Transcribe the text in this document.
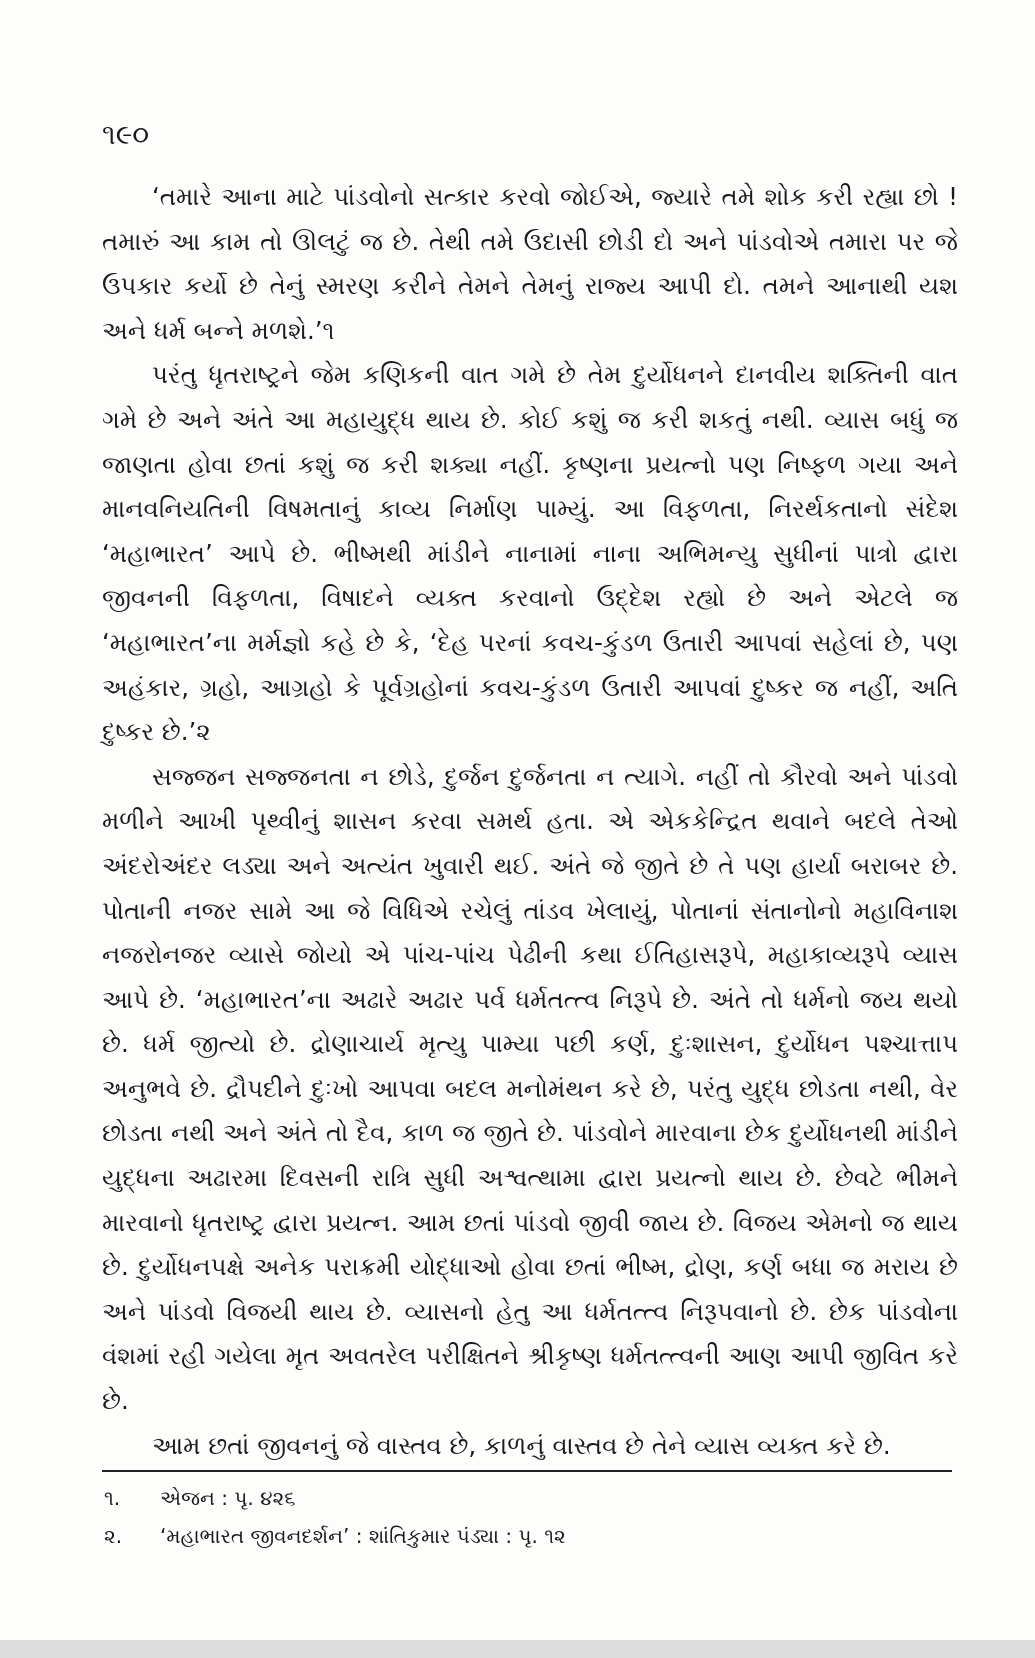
૧૯૦

‘તમારે આના માટે પાંડવોનો સત્કાર કરવો જોઈએ, જ્યારે તમે શોક કરી રહ્યા છો ! તમારું આ કામ તો ઊલટું જ છે. તેથી તમે ઉદાસી છોડી દો અને પાંડવોએ તમારા પર જે ઉપકાર કર્યો છે તેનું સ્મરણ કરીને તેમને તેમનું રાજ્ય આપી દો. તમને આનાથી યશ અને ધર્મ બન્ને મળશે.’૧

પરંતુ ધૃતરાષ્ટ્રને જેમ કણિકની વાત ગમે છે તેમ દુર્યોધનને દાનવીય શક્તિની વાત ગમે છે અને અંતે આ મહાયુદ્ધ થાય છે. કોઈ કશું જ કરી શકતું નથી. વ્યાસ બધું જ જાણતા હોવા છતાં કશું જ કરી શક્યા નહીં. કૃષ્ણના પ્રયત્નો પણ નિષ્ફળ ગયા અને માનવનિયતિની વિષમતાનું કાવ્ય નિર્માણ પામ્યું. આ વિફળતા, નિરર્થકતાનો સંદેશ ‘મહાભારત’ આપે છે. ભીષ્મથી માંડીને નાનામાં નાના અભિમન્યુ સુધીનાં પાત્રો દ્વારા જીવનની વિફળતા, વિષાદને વ્યક્ત કરવાનો ઉદ્દેશ રહ્યો છે અને એટલે જ ‘મહાભારત’ના મર્મજ્ઞો કહે છે કે, ‘દેહ પરનાં કવચ-કુંડળ ઉતારી આપવાં સહેલાં છે, પણ અહંકાર, ગ્રહો, આગ્રહો કે પૂર્વગ્રહોનાં કવચ-કુંડળ ઉતારી આપવાં દુષ્કર જ નહીં, અતિ દુષ્કર છે.’૨

સજ્જન સજ્જનતા ન છોડે, દુર્જન દુર્જનતા ન ત્યાગે. નહીં તો કૌરવો અને પાંડવો મળીને આખી પૃથ્વીનું શાસન કરવા સમર્થ હતા. એ એકકેન્દ્રિત થવાને બદલે તેઓ અંદરોઅંદર લડ્યા અને અત્યંત ખુવારી થઈ. અંતે જે જીતે છે તે પણ હાર્યા બરાબર છે. પોતાની નજર સામે આ જે વિધિએ રચેલું તાંડવ ખેલાયું, પોતાનાં સંતાનોનો મહાવિનાશ નજરોનજર વ્યાસે જોયો એ પાંચ-પાંચ પેઢીની કથા ઈતિહાસરૂપે, મહાકાવ્યરૂપે વ્યાસ આપે છે. ‘મહાભારત’ના અઢારે અઢાર પર્વ ધર્મતત્ત્વ નિરૂપે છે. અંતે તો ધર્મનો જય થયો છે. ધર્મ જીત્યો છે. દ્રોણાચાર્ય મૃત્યુ પામ્યા પછી કર્ણ, દુઃશાસન, દુર્યોધન પશ્ચાત્તાપ અનુભવે છે. દ્રૌપદીને દુઃખો આપવા બદલ મનોમંથન કરે છે, પરંતુ યુદ્ધ છોડતા નથી, વેર છોડતા નથી અને અંતે તો દૈવ, કાળ જ જીતે છે. પાંડવોને મારવાના છેક દુર્યોધનથી માંડીને યુદ્ધના અઢારમા દિવસની રાત્રિ સુધી અશ્વત્થામા દ્વારા પ્રયત્નો થાય છે. છેવટે ભીમને મારવાનો ધૃતરાષ્ટ્ર દ્વારા પ્રયત્ન. આમ છતાં પાંડવો જીવી જાય છે. વિજય એમનો જ થાય છે. દુર્યોધનપક્ષે અનેક પરાક્રમી યોદ્ધાઓ હોવા છતાં ભીષ્મ, દ્રોણ, કર્ણ બધા જ મરાય છે અને પાંડવો વિજયી થાય છે. વ્યાસનો હેતુ આ ધર્મતત્ત્વ નિરૂપવાનો છે. છેક પાંડવોના વંશમાં રહી ગયેલા મૃત અવતરેલ પરીક્ષિતને શ્રીકૃષ્ણ ધર્મતત્ત્વની આણ આપી જીવિત કરે છે.

આમ છતાં જીવનનું જે વાસ્તવ છે, કાળનું વાસ્તવ છે તેને વ્યાસ વ્યક્ત કરે છે.

૧.	એજન : પૃ. ૪૨૬
૨.	‘મહાભારત જીવનદર્શન’ : શાંતિકુમાર પંડ્યા : પૃ. ૧૨
